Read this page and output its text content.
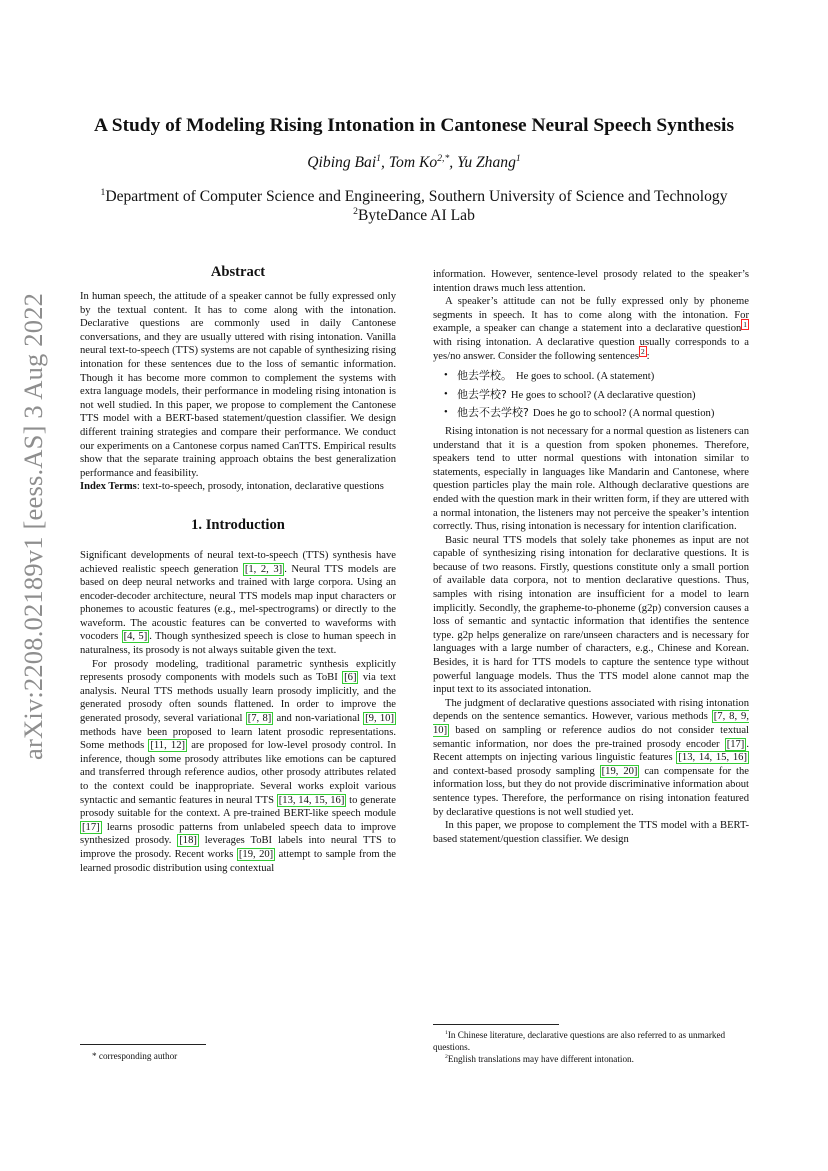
arXiv:2208.02189v1 [eess.AS] 3 Aug 2022
A Study of Modeling Rising Intonation in Cantonese Neural Speech Synthesis
Qibing Bai$^1$, Tom $Ko^{2,*}$, Yu Zhang$^1$
$^1$Department of Computer Science and Engineering, Southern University of Science and Technology
$^2$ByteDance AI Lab
Abstract

In human speech, the attitude of a speaker cannot be fully expressed only by the textual content. It has to come along with the intonation. Declarative questions are commonly used in daily Cantonese conversations, and they are usually uttered with rising intonation. Vanilla neural text-to-speech (TTS) systems are not capable of synthesizing rising intonation for these sentences due to the loss of semantic information. Though it has become more common to complement the systems with extra language models, their performance in modeling rising intonation is not well studied. In this paper, we propose to complement the Cantonese TTS model with a BERT-based statement/question classifier. We design different training strategies and compare their performance. We conduct our experiments on a Cantonese corpus named CanTTS. Empirical results show that the separate training approach obtains the best generalization performance and feasibility.

Index Terms: text-to-speech, prosody, intonation, declarative questions

1. Introduction

Significant developments of neural text-to-speech (TTS) synthesis have achieved realistic speech generation [1, 2, 3] . Neural TTS models are based on deep neural networks and trained with large corpora. Using an encoder-decoder architecture, neural TTS models map input characters or phonemes to acoustic features (e.g., mel-spectrograms) or directly to the waveform. The acoustic features can be converted to waveforms with vocoders [4, 5] . Though synthesized speech is close to human speech in naturalness, its prosody is not always suitable given the text.

For prosody modeling, traditional parametric synthesis explicitly represents prosody components with models such as ToBI [6] via text analysis. Neural TTS methods usually learn prosody implicitly, and the generated prosody often sounds flattened. In order to improve the generated prosody, several variational [7, 8] and non-variational [9, 10] methods have been proposed to learn latent prosodic representations. Some methods [11, 12] are proposed for low-level prosody control. In inference, though some prosody attributes like emotions can be captured and transferred through reference audios, other prosody attributes related to the context could be inappropriate. Several works exploit various syntactic and semantic features in neural TTS [13, 14, 15, 16] to generate prosody suitable for the context. A pre-trained BERT-like speech module [17] learns prosodic patterns from unlabeled speech data to improve synthesized prosody. [18] leverages ToBI labels into neural TTS to improve the prosody. Recent works [19, 20] attempt to sample from the learned prosodic distribution using contextual

* corresponding author

information. However, sentence-level prosody related to the speaker’s intention draws much less attention.

A speaker’s attitude can not be fully expressed only by phoneme segments in speech. It has to come along with the intonation. For example, a speaker can change a statement into a declarative question $^1$ with rising intonation. A declarative question usually corresponds to a yes/no answer. Consider the following sentences $^2$ :

• 他去学校。 He goes to school. (A statement)
• 他去学校? He goes to school? (A declarative question)
• 他去不去学校? Does he go to school? (A normal question)

Rising intonation is not necessary for a normal question as listeners can understand that it is a question from spoken phonemes. Therefore, speakers tend to utter normal questions with intonation similar to statements, especially in languages like Mandarin and Cantonese, where question particles play the main role. Although declarative questions are ended with the question mark in their written form, if they are uttered with a normal intonation, the listeners may not perceive the speaker’s intention correctly. Thus, rising intonation is necessary for intention clarification.

Basic neural TTS models that solely take phonemes as input are not capable of synthesizing rising intonation for declarative questions. It is because of two reasons. Firstly, questions constitute only a small portion of available data corpora, not to mention declarative questions. Thus, samples with rising intonation are insufficient for a model to learn implicitly. Secondly, the grapheme-to-phoneme (g2p) conversion causes a loss of semantic and syntactic information that identifies the sentence type. g2p helps generalize on rare/unseen characters and is necessary for languages with a large number of characters, e.g., Chinese and Korean. Besides, it is hard for TTS models to capture the sentence type without powerful language models. Thus the TTS model alone cannot map the input text to its associated intonation.

The judgment of declarative questions associated with rising intonation depends on the sentence semantics. However, various methods [7, 8, 9, 10] based on sampling or reference audios do not consider textual semantic information, nor does the pre-trained prosody encoder [17] . Recent attempts on injecting various linguistic features [13, 14, 15, 16] and context-based prosody sampling [19, 20] can compensate for the information loss, but they do not provide discriminative information about sentence types. Therefore, the performance on rising intonation featured by declarative questions is not well studied yet.

In this paper, we propose to complement the TTS model with a BERT-based statement/question classifier. We design

$^1$In Chinese literature, declarative questions are also referred to as unmarked questions.

$^2$English translations may have different intonation.
